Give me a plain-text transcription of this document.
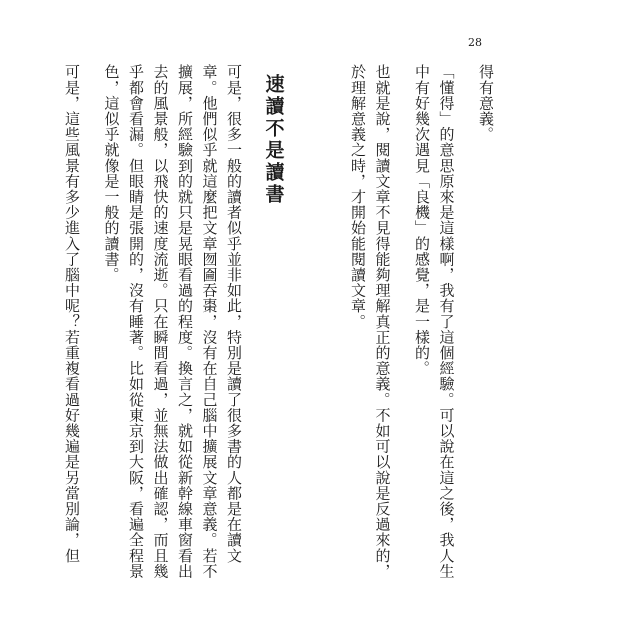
28

得有意義。

「懂得」的意思原來是這樣啊，我有了這個經驗。可以說在這之後，我人生中有好幾次遇見「良機」的感覺，是一樣的。

也就是說，閱讀文章不見得能夠理解真正的意義。不如可以說是反過來的，於理解意義之時，才開始能閱讀文章。

速讀不是讀書

可是，很多一般的讀者似乎並非如此，特別是讀了很多書的人都是在讀文章。他們似乎就這麼把文章囫圇吞棗，沒有在自己腦中擴展文章意義。若不擴展，所經驗到的就只是晃眼看過的程度。換言之，就如從新幹線車窗看出去的風景般，以飛快的速度流逝。只在瞬間看過，並無法做出確認，而且幾乎都會看漏。但眼睛是張開的，沒有睡著。比如從東京到大阪，看遍全程景色，這似乎就像是一般的讀書。

可是，這些風景有多少進入了腦中呢？若重複看過好幾遍是另當別論，但
